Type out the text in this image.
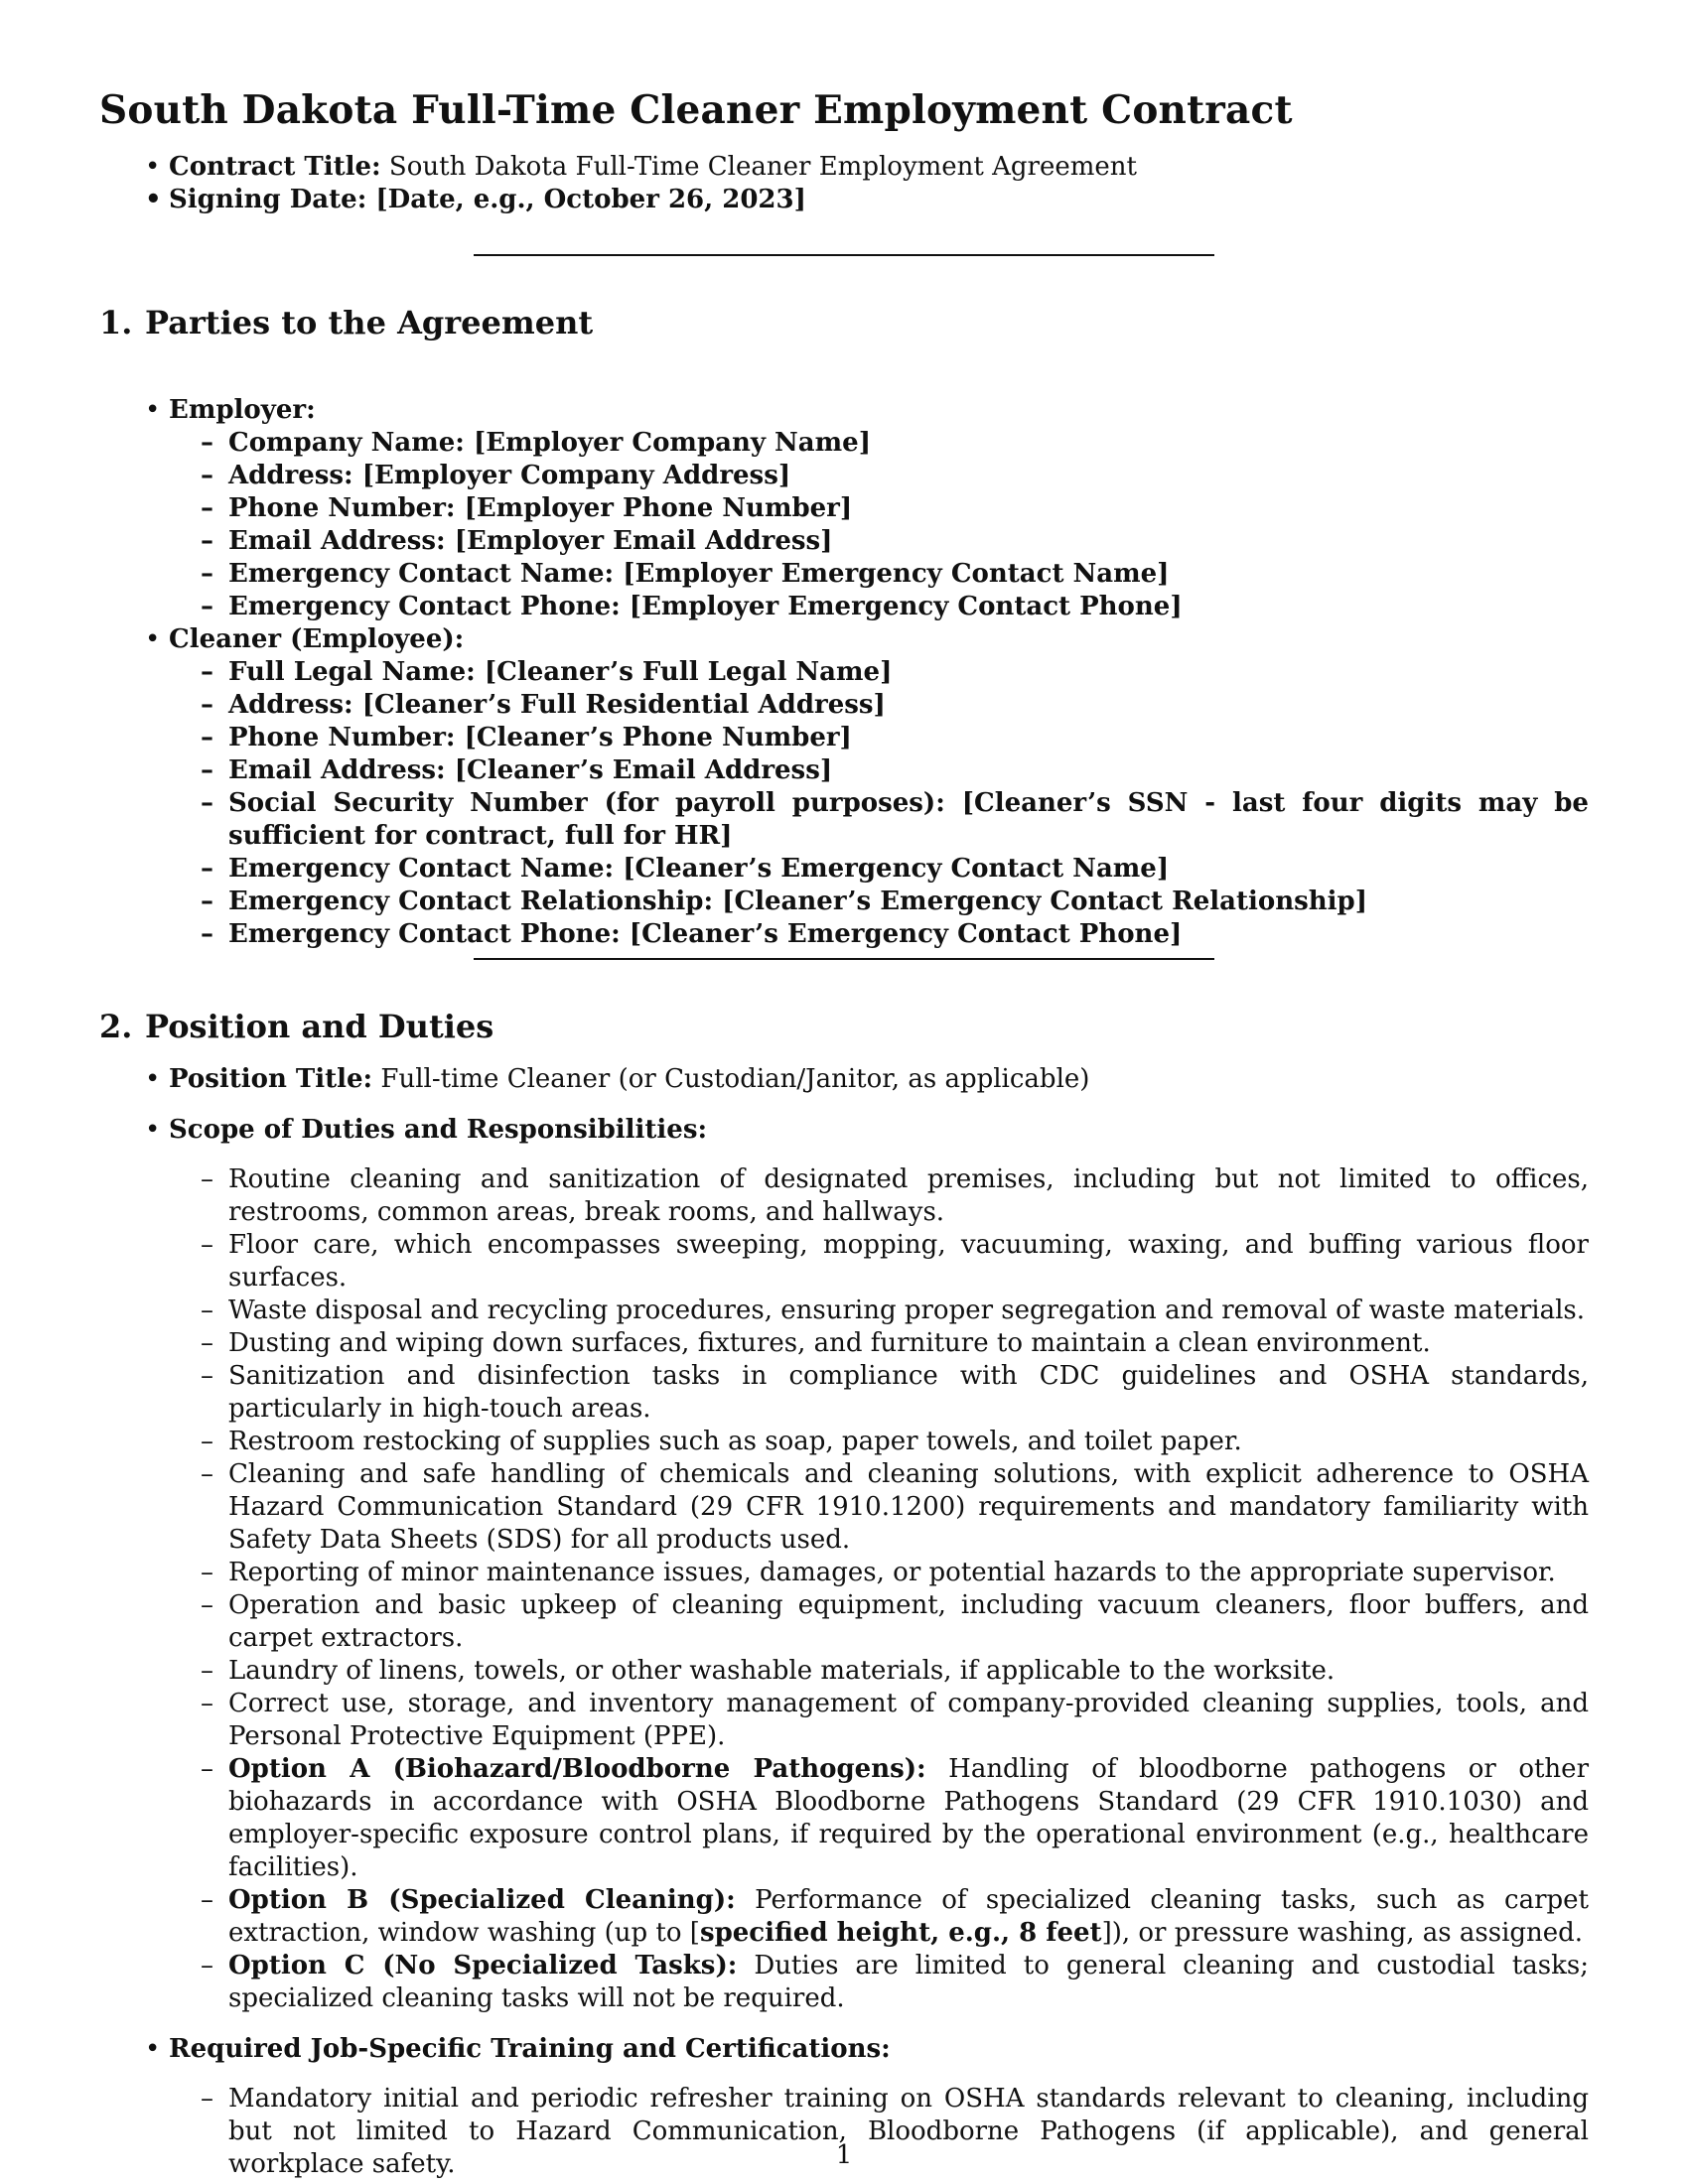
South Dakota Full-Time Cleaner Employment Contract
• Contract Title: South Dakota Full-Time Cleaner Employment Agreement
• Signing Date: [Date, e.g., October 26, 2023]
1. Parties to the Agreement
• Employer:
– Company Name: [Employer Company Name]
– Address: [Employer Company Address]
– Phone Number: [Employer Phone Number]
– Email Address: [Employer Email Address]
– Emergency Contact Name: [Employer Emergency Contact Name]
– Emergency Contact Phone: [Employer Emergency Contact Phone]
• Cleaner (Employee):
– Full Legal Name: [Cleaner’s Full Legal Name]
– Address: [Cleaner’s Full Residential Address]
– Phone Number: [Cleaner’s Phone Number]
– Email Address: [Cleaner’s Email Address]
– Social Security Number (for payroll purposes): [Cleaner’s SSN - last four digits may be sufficient for contract, full for HR]
– Emergency Contact Name: [Cleaner’s Emergency Contact Name]
– Emergency Contact Relationship: [Cleaner’s Emergency Contact Relationship]
– Emergency Contact Phone: [Cleaner’s Emergency Contact Phone]
2. Position and Duties
• Position Title: Full-time Cleaner (or Custodian/Janitor, as applicable)
• Scope of Duties and Responsibilities:
– Routine cleaning and sanitization of designated premises, including but not limited to offices, restrooms, common areas, break rooms, and hallways.
– Floor care, which encompasses sweeping, mopping, vacuuming, waxing, and buffing various floor surfaces.
– Waste disposal and recycling procedures, ensuring proper segregation and removal of waste materials.
– Dusting and wiping down surfaces, fixtures, and furniture to maintain a clean environment.
– Sanitization and disinfection tasks in compliance with CDC guidelines and OSHA standards, particularly in high-touch areas.
– Restroom restocking of supplies such as soap, paper towels, and toilet paper.
– Cleaning and safe handling of chemicals and cleaning solutions, with explicit adherence to OSHA Hazard Communication Standard (29 CFR 1910.1200) requirements and mandatory familiarity with Safety Data Sheets (SDS) for all products used.
– Reporting of minor maintenance issues, damages, or potential hazards to the appropriate supervisor.
– Operation and basic upkeep of cleaning equipment, including vacuum cleaners, floor buffers, and carpet extractors.
– Laundry of linens, towels, or other washable materials, if applicable to the worksite.
– Correct use, storage, and inventory management of company-provided cleaning supplies, tools, and Personal Protective Equipment (PPE).
– Option A (Biohazard/Bloodborne Pathogens): Handling of bloodborne pathogens or other biohazards in accordance with OSHA Bloodborne Pathogens Standard (29 CFR 1910.1030) and employer-specific exposure control plans, if required by the operational environment (e.g., healthcare facilities).
– Option B (Specialized Cleaning): Performance of specialized cleaning tasks, such as carpet extraction, window washing (up to [specified height, e.g., 8 feet]), or pressure washing, as assigned.
– Option C (No Specialized Tasks): Duties are limited to general cleaning and custodial tasks; specialized cleaning tasks will not be required.
• Required Job-Specific Training and Certifications:
– Mandatory initial and periodic refresher training on OSHA standards relevant to cleaning, including but not limited to Hazard Communication, Bloodborne Pathogens (if applicable), and general workplace safety.	1
